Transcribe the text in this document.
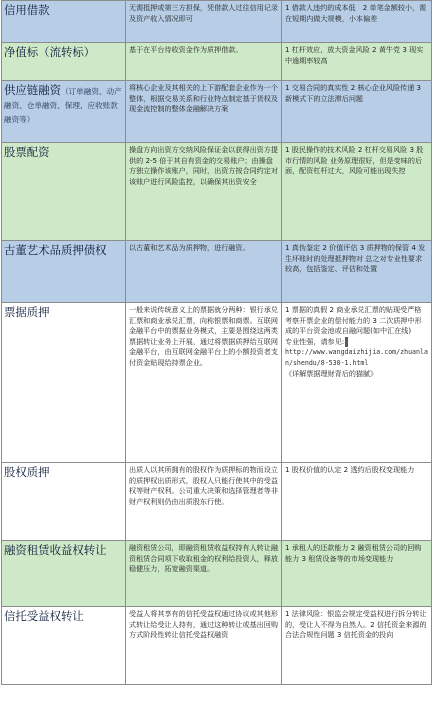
信用借款	无需抵押或第三方担保，凭借款人过往信用记录及资产收入情况即可	1 借款人违约的成本低　2 单笔金额较小，需在短期内做大规模，小本偏差
净值标（流转标）	基于在平台待收资金作为质押借款。	1 杠杆效应，放大资金风险 2 黄牛党 3 现实中逾期率较高
供应链融资（订单融资、动产融资、仓单融资、保理、应收账款融资等）	将核心企业及其相关的上下游配套企业作为一个整体，根据交易关系和行业特点制定基于货权及现金流控制的整体金融解决方案	1 交易合同的真实性 2 核心企业风险传递 3 新模式下的立法滞后问题
股票配资	操盘方向出资方交纳风险保证金以获得出资方提供的 2-5 倍于其自有资金的交易账户；由操盘方独立操作该账户，同时，出资方按合同约定对该账户进行风险监控，以确保其出资安全	1 股民操作的技术风险 2 杠杆交易风险 3 股市行情的风险 业务原理很好，但是变味的后面，配资杠杆过大，风险可能出现失控
古董艺术品质押债权	以古董和艺术品为质押物，进行融资。	1 真伪鉴定 2 价值评估 3 质押物的保管 4 发生坏账时的处理抵押物对 总之对专业性要求较高，包括鉴定、评估和处置
票据质押	一般来说传统意义上的票据就分两种：银行承兑汇票和商业承兑汇票，向称银票和商票。互联网金融平台中的票据业务模式，主要是围绕这两类票据转让业务上开展，通过将票据质押给互联网金融平台，由互联网金融平台上的小额投资者支付资金贴现给持票企业。	1 票据的真假 2 商业承兑汇票的贴现受严格考察开票企业的偿付能力的 3 二次质押中形成的平台资金池或自融问题(如中汇在线)　　专业性强，请参见:
http://www.wangdaizhijia.com/zhuanlan/shendu/8-530-1.html
《详解票据理财背后的猫腻》
股权质押	出质人以其所拥有的股权作为质押标的物而设立的质押权出质形式，股权人只能行使其中的受益权等财产权利。公司重大决策和选择管理者等非财产权利则仍由出质股东行使。	1 股权价值的认定 2 透约后股权变现能力
融资租赁收益权转让	融资租赁公司，即融资租赁收益权持有人转让融资租赁合同项下收取租金的权利给投资人，释放稳健压力，拓宽融资渠道。	1 承租人的还款能力 2 融资租赁公司的回购能力 3 租赁设备等的市场变现能力
信托受益权转让	受益人将其享有的信托受益权通过协议或其他形式转让给受让人持有，通过这种转让或基出回购方式阶段性转让信托受益权融资	1 法律风险：银监会规定受益权进行拆分转让的，受让人不得为自然人。2 信托资金来源的合法合规性问题 3 信托资金的投向
